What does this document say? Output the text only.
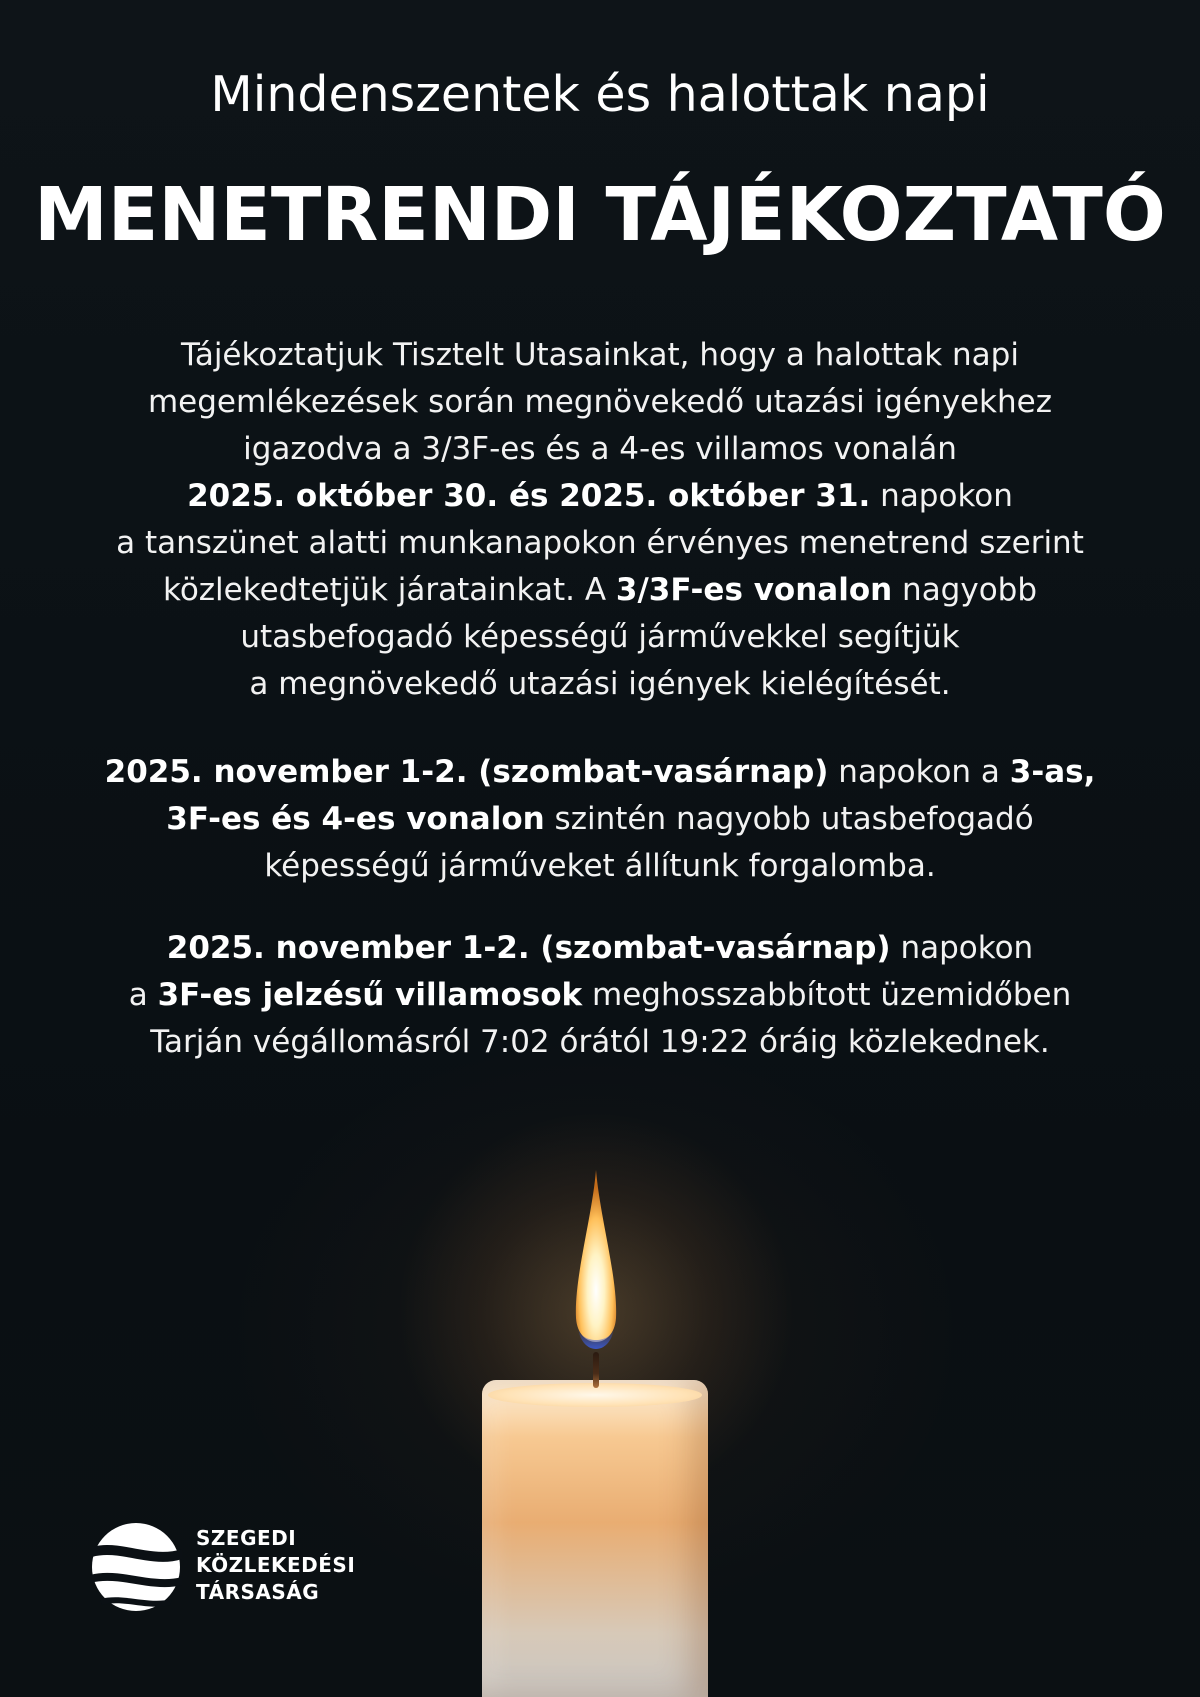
Mindenszentek és halottak napi
MENETRENDI TÁJÉKOZTATÓ
Tájékoztatjuk Tisztelt Utasainkat, hogy a halottak napi
megemlékezések során megnövekedő utazási igényekhez
igazodva a 3/3F-es és a 4-es villamos vonalán
2025. október 30. és 2025. október 31. napokon
a tanszünet alatti munkanapokon érvényes menetrend szerint
közlekedtetjük járatainkat. A 3/3F-es vonalon nagyobb
utasbefogadó képességű járművekkel segítjük
a megnövekedő utazási igények kielégítését.
2025. november 1-2. (szombat-vasárnap) napokon a 3-as,
3F-es és 4-es vonalon szintén nagyobb utasbefogadó
képességű járműveket állítunk forgalomba.
2025. november 1-2. (szombat-vasárnap) napokon
a 3F-es jelzésű villamosok meghosszabbított üzemidőben
Tarján végállomásról 7:02 órától 19:22 óráig közlekednek.
SZEGEDI
KÖZLEKEDÉSI
TÁRSASÁG
